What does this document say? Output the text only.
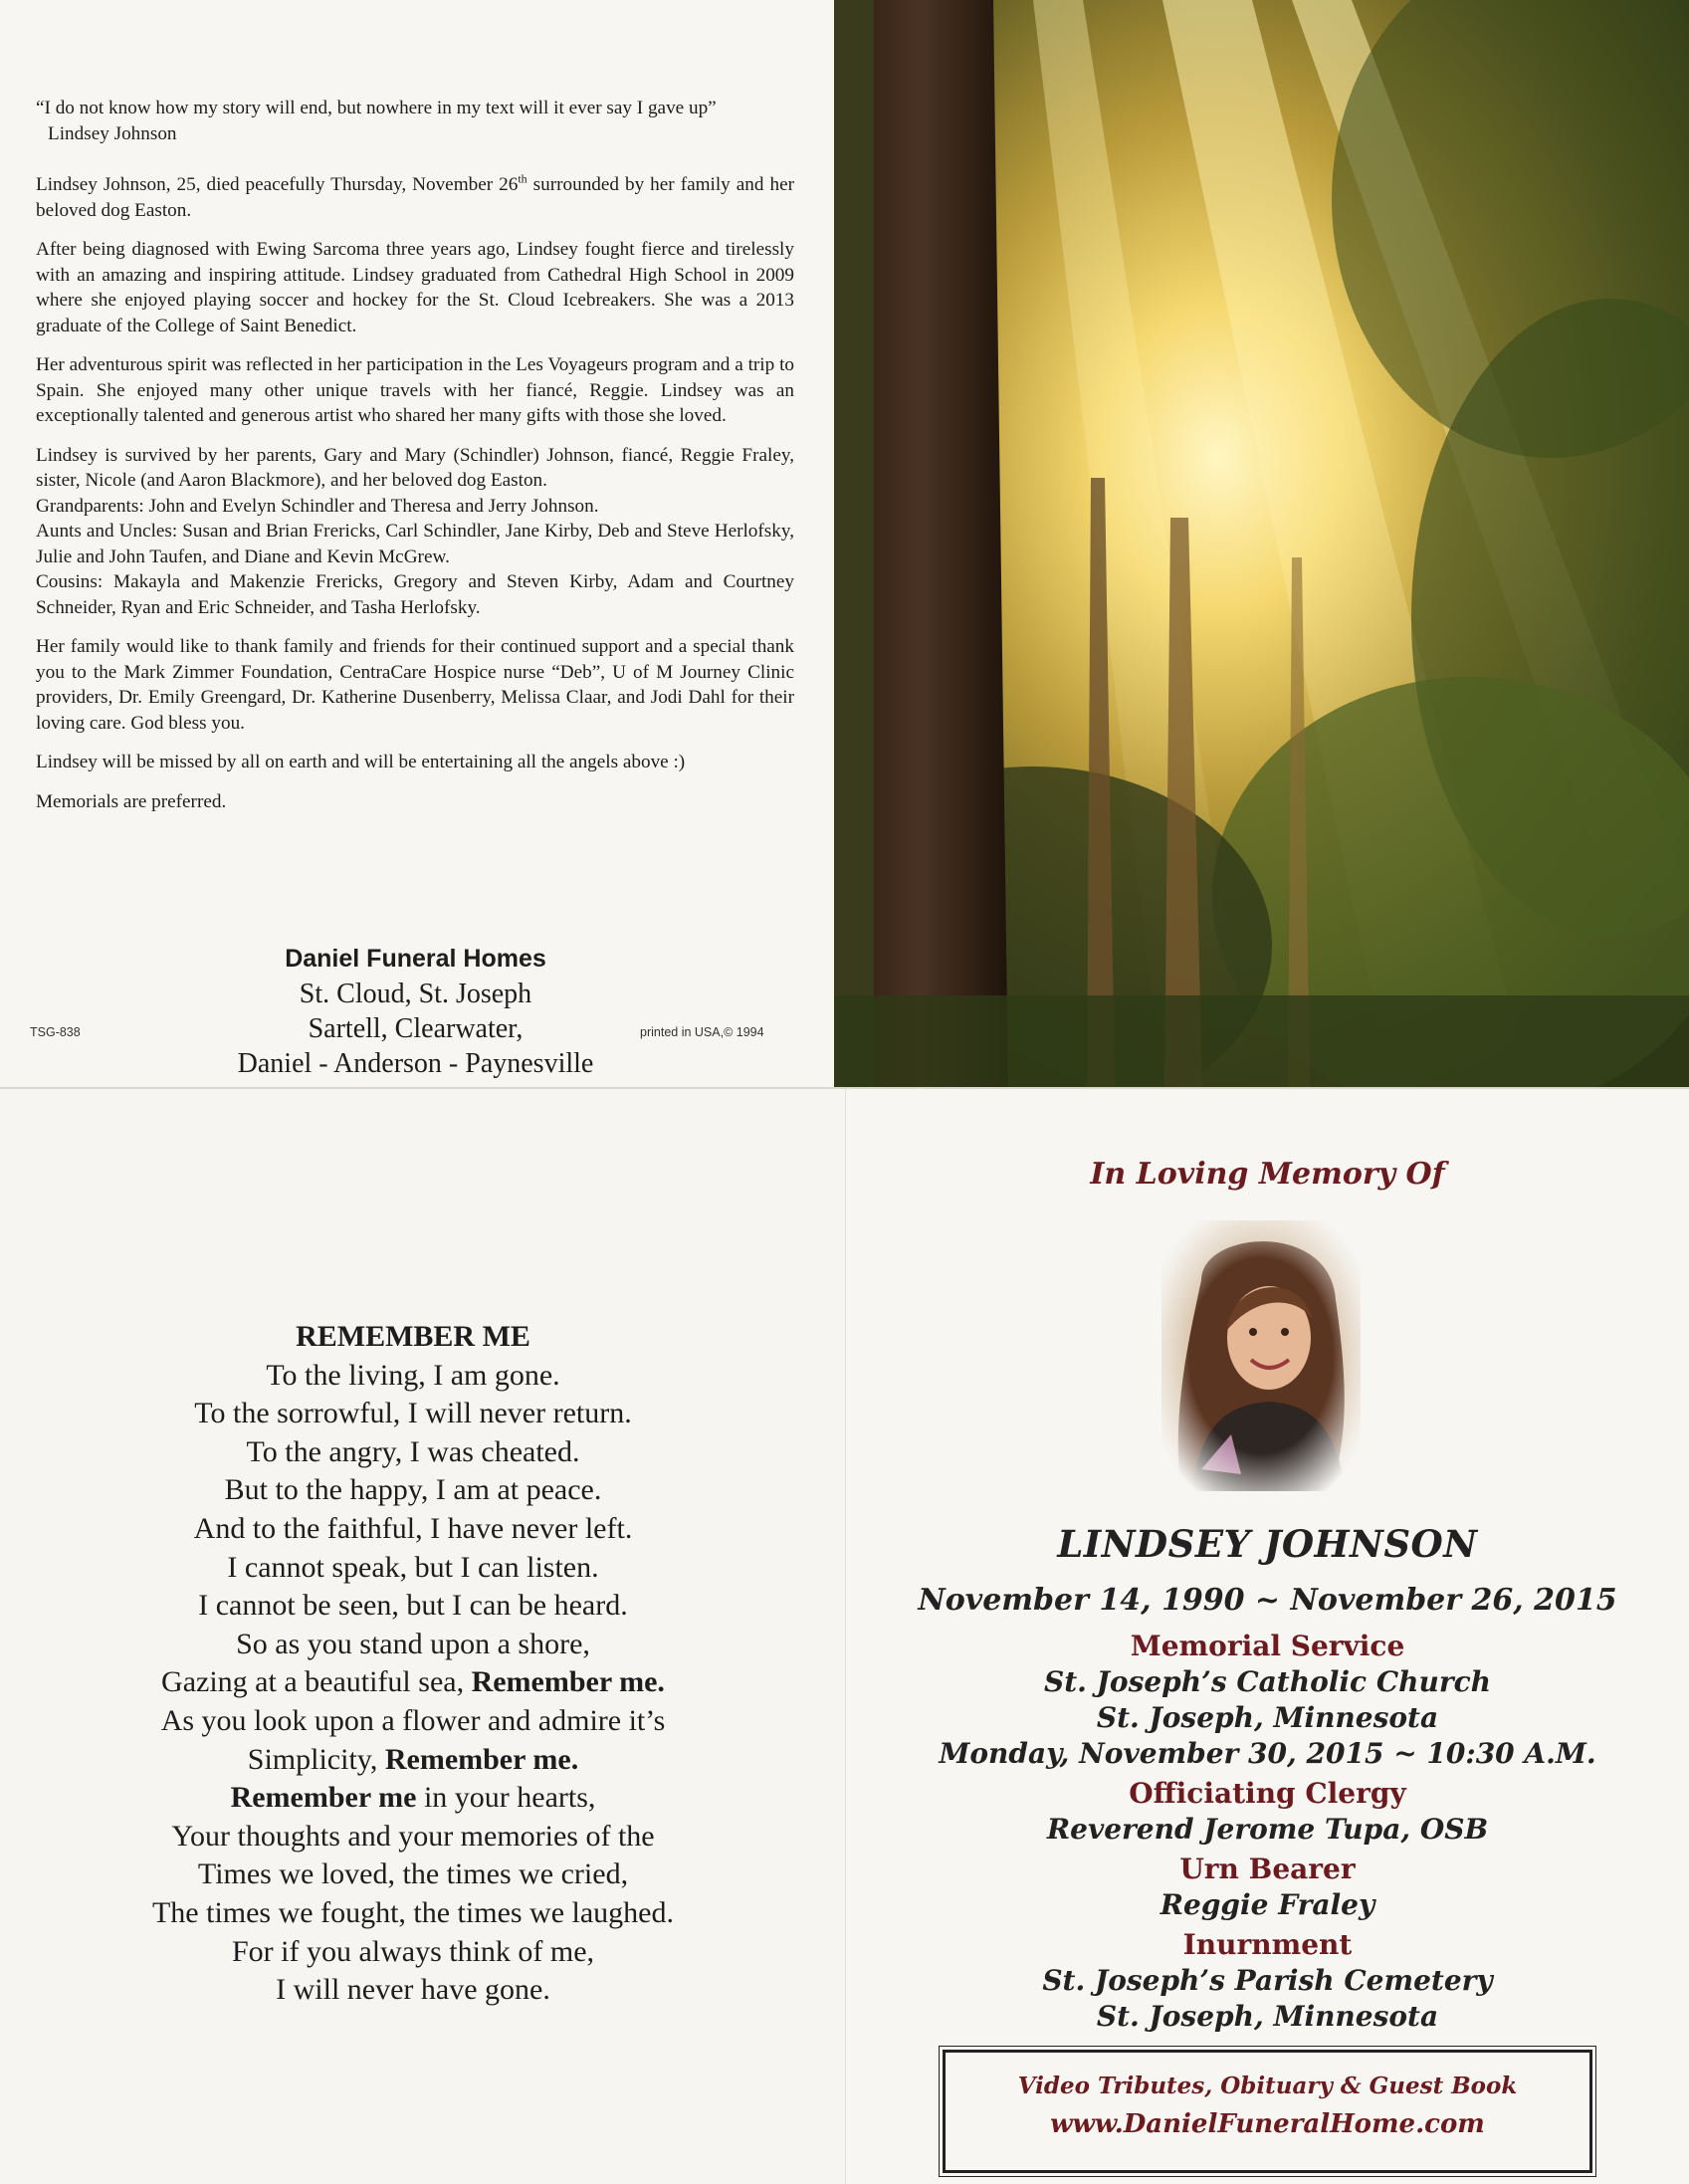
“I do not know how my story will end, but nowhere in my text will it ever say I gave up”

Lindsey Johnson

Lindsey Johnson, 25, died peacefully Thursday, November 26th surrounded by her family and her beloved dog Easton.

After being diagnosed with Ewing Sarcoma three years ago, Lindsey fought fierce and tirelessly with an amazing and inspiring attitude. Lindsey graduated from Cathedral High School in 2009 where she enjoyed playing soccer and hockey for the St. Cloud Icebreakers. She was a 2013 graduate of the College of Saint Benedict.

Her adventurous spirit was reflected in her participation in the Les Voyageurs program and a trip to Spain. She enjoyed many other unique travels with her fiancé, Reggie. Lindsey was an exceptionally talented and generous artist who shared her many gifts with those she loved.

Lindsey is survived by her parents, Gary and Mary (Schindler) Johnson, fiancé, Reggie Fraley, sister, Nicole (and Aaron Blackmore), and her beloved dog Easton.

Grandparents: John and Evelyn Schindler and Theresa and Jerry Johnson.

Aunts and Uncles: Susan and Brian Frericks, Carl Schindler, Jane Kirby, Deb and Steve Herlofsky, Julie and John Taufen, and Diane and Kevin McGrew.

Cousins: Makayla and Makenzie Frericks, Gregory and Steven Kirby, Adam and Courtney Schneider, Ryan and Eric Schneider, and Tasha Herlofsky.

Her family would like to thank family and friends for their continued support and a special thank you to the Mark Zimmer Foundation, CentraCare Hospice nurse “Deb”, U of M Journey Clinic providers, Dr. Emily Greengard, Dr. Katherine Dusenberry, Melissa Claar, and Jodi Dahl for their loving care. God bless you.

Lindsey will be missed by all on earth and will be entertaining all the angels above :)

Memorials are preferred.

Daniel Funeral Homes
St. Cloud, St. Joseph
Sartell, Clearwater,
Daniel - Anderson - Paynesville
TSG-838	printed in USA,© 1994
REMEMBER ME
To the living, I am gone.
To the sorrowful, I will never return.
To the angry, I was cheated.
But to the happy, I am at peace.
And to the faithful, I have never left.
I cannot speak, but I can listen.
I cannot be seen, but I can be heard.
So as you stand upon a shore,
Gazing at a beautiful sea, Remember me.
As you look upon a flower and admire it’s
Simplicity, Remember me.
Remember me in your hearts,
Your thoughts and your memories of the
Times we loved, the times we cried,
The times we fought, the times we laughed.
For if you always think of me,
I will never have gone.
In Loving Memory Of
LINDSEY JOHNSON
November 14, 1990 ~ November 26, 2015
Memorial Service
St. Joseph’s Catholic Church
St. Joseph, Minnesota
Monday, November 30, 2015 ~ 10:30 A.M.
Officiating Clergy
Reverend Jerome Tupa, OSB
Urn Bearer
Reggie Fraley
Inurnment
St. Joseph’s Parish Cemetery
St. Joseph, Minnesota
Video Tributes, Obituary & Guest Book
www.DanielFuneralHome.com
